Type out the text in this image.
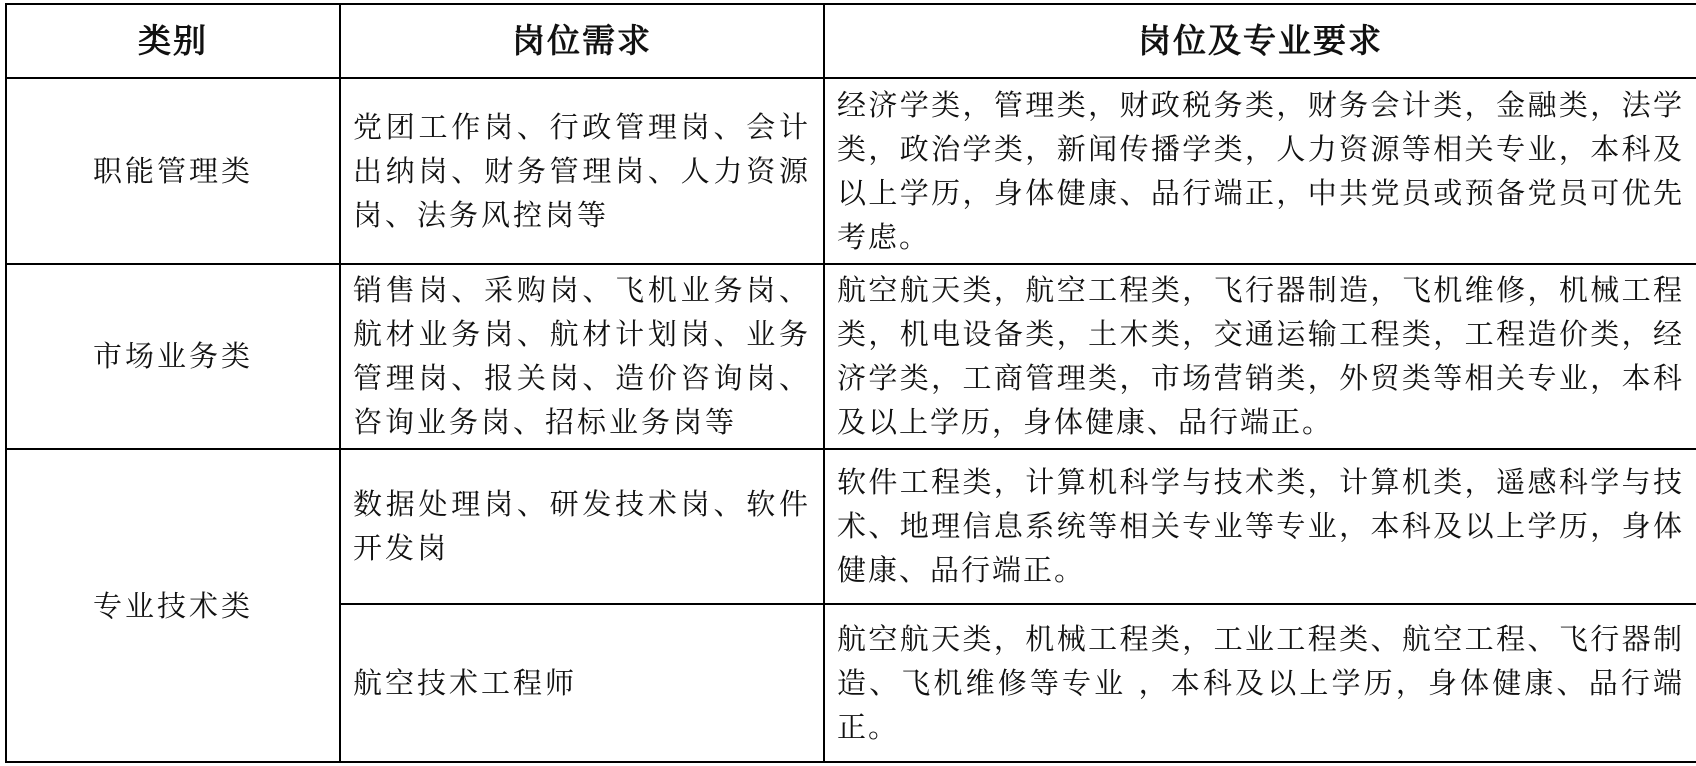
类别	岗位需求	岗位及专业要求
职能管理类	党团工作岗、行政管理岗、会计出纳岗、财务管理岗、人力资源岗、法务风控岗等	经济学类，管理类，财政税务类，财务会计类，金融类，法学类，政治学类，新闻传播学类，人力资源等相关专业，本科及以上学历，身体健康、品行端正，中共党员或预备党员可优先考虑。
市场业务类	销售岗、采购岗、飞机业务岗、航材业务岗、航材计划岗、业务管理岗、报关岗、造价咨询岗、咨询业务岗、招标业务岗等	航空航天类，航空工程类，飞行器制造，飞机维修，机械工程类，机电设备类，土木类，交通运输工程类，工程造价类，经济学类，工商管理类，市场营销类，外贸类等相关专业，本科及以上学历，身体健康、品行端正。
专业技术类	数据处理岗、研发技术岗、软件开发岗	软件工程类，计算机科学与技术类，计算机类，遥感科学与技术、地理信息系统等相关专业等专业，本科及以上学历，身体健康、品行端正。
	航空技术工程师	航空航天类，机械工程类，工业工程类、航空工程、飞行器制造、飞机维修等专业 ，本科及以上学历，身体健康、品行端正。
